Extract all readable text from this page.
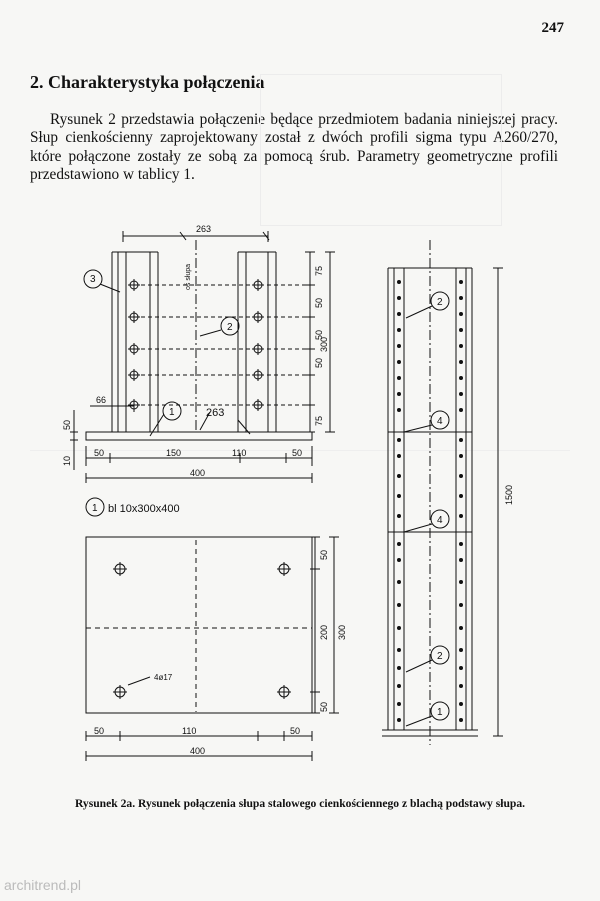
247
2. Charakterystyka połączenia
Rysunek 2 przedstawia połączenie będące przedmiotem badania niniejszej pracy. Słup cienkościenny zaprojektowany został z dwóch profili sigma typu A260/270, które połączone zostały ze sobą za pomocą śrub. Parametry geometryczne profili przedstawiono w tablicy 1.
263
oś słupa	75
50
50
50
75
300
66
263
50
10
50	150	110	50
400
3
2
1
1 bl 10x300x400
4ø17
50
200
50
300
50	110	50
400
2
4
4
2
1
1500
Rysunek 2a. Rysunek połączenia słupa stalowego cienkościennego z blachą podstawy słupa.
architrend.pl
